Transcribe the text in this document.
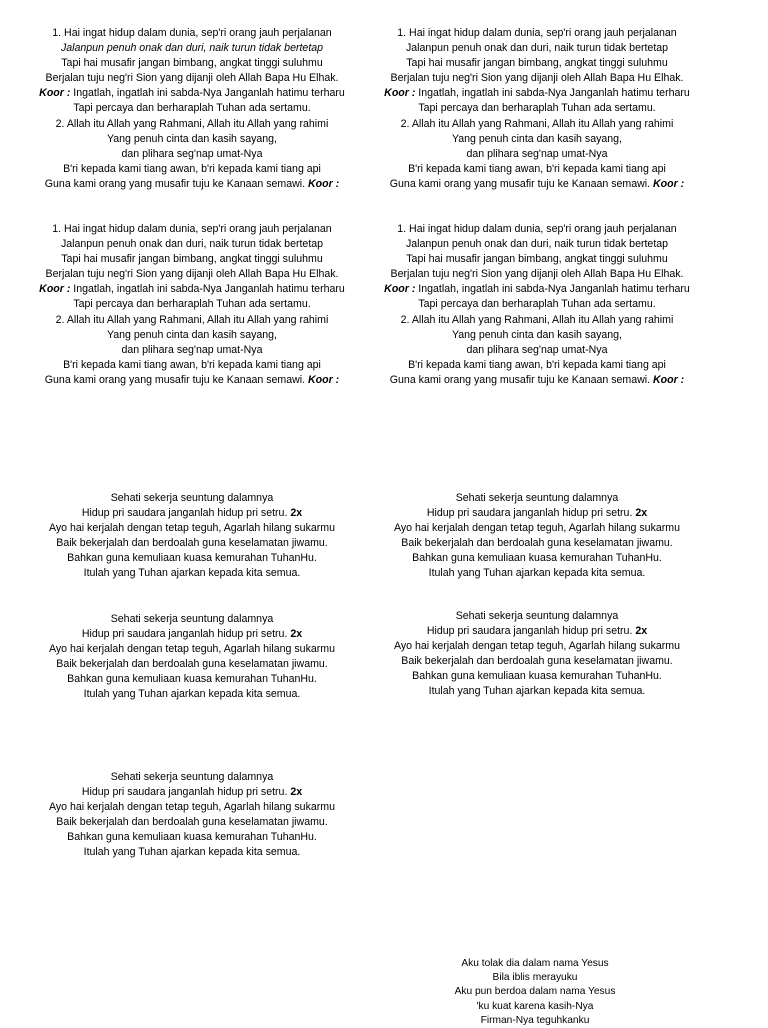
1. Hai ingat hidup dalam dunia, sep'ri orang jauh perjalanan
Jalanpun penuh onak dan duri, naik turun tidak bertetap
Tapi hai musafir jangan bimbang, angkat tinggi suluhmu
Berjalan tuju neg'ri Sion yang dijanji oleh Allah Bapa Hu Elhak.
Koor : Ingatlah, ingatlah ini sabda-Nya Janganlah hatimu terharu
Tapi percaya dan berharaplah Tuhan ada sertamu.
2. Allah itu Allah yang Rahmani, Allah itu Allah yang rahimi
Yang penuh cinta dan kasih sayang,
dan plihara seg'nap umat-Nya
B'ri kepada kami tiang awan, b'ri kepada kami tiang api
Guna kami orang yang musafir tuju ke Kanaan semawi. Koor :
1. Hai ingat hidup dalam dunia, sep'ri orang jauh perjalanan
Jalanpun penuh onak dan duri, naik turun tidak bertetap
Tapi hai musafir jangan bimbang, angkat tinggi suluhmu
Berjalan tuju neg'ri Sion yang dijanji oleh Allah Bapa Hu Elhak.
Koor : Ingatlah, ingatlah ini sabda-Nya Janganlah hatimu terharu
Tapi percaya dan berharaplah Tuhan ada sertamu.
2. Allah itu Allah yang Rahmani, Allah itu Allah yang rahimi
Yang penuh cinta dan kasih sayang,
dan plihara seg'nap umat-Nya
B'ri kepada kami tiang awan, b'ri kepada kami tiang api
Guna kami orang yang musafir tuju ke Kanaan semawi. Koor :
1. Hai ingat hidup dalam dunia, sep'ri orang jauh perjalanan
Jalanpun penuh onak dan duri, naik turun tidak bertetap
Tapi hai musafir jangan bimbang, angkat tinggi suluhmu
Berjalan tuju neg'ri Sion yang dijanji oleh Allah Bapa Hu Elhak.
Koor : Ingatlah, ingatlah ini sabda-Nya Janganlah hatimu terharu
Tapi percaya dan berharaplah Tuhan ada sertamu.
2. Allah itu Allah yang Rahmani, Allah itu Allah yang rahimi
Yang penuh cinta dan kasih sayang,
dan plihara seg'nap umat-Nya
B'ri kepada kami tiang awan, b'ri kepada kami tiang api
Guna kami orang yang musafir tuju ke Kanaan semawi. Koor :
1. Hai ingat hidup dalam dunia, sep'ri orang jauh perjalanan
Jalanpun penuh onak dan duri, naik turun tidak bertetap
Tapi hai musafir jangan bimbang, angkat tinggi suluhmu
Berjalan tuju neg'ri Sion yang dijanji oleh Allah Bapa Hu Elhak.
Koor : Ingatlah, ingatlah ini sabda-Nya Janganlah hatimu terharu
Tapi percaya dan berharaplah Tuhan ada sertamu.
2. Allah itu Allah yang Rahmani, Allah itu Allah yang rahimi
Yang penuh cinta dan kasih sayang,
dan plihara seg'nap umat-Nya
B'ri kepada kami tiang awan, b'ri kepada kami tiang api
Guna kami orang yang musafir tuju ke Kanaan semawi. Koor :
Sehati sekerja seuntung dalamnya
Hidup pri saudara janganlah hidup pri setru. 2x
Ayo hai kerjalah dengan tetap teguh, Agarlah hilang sukarmu
Baik bekerjalah dan berdoalah guna keselamatan jiwamu.
Bahkan guna kemuliaan kuasa kemurahan TuhanHu.
Itulah yang Tuhan ajarkan kepada kita semua.
Sehati sekerja seuntung dalamnya
Hidup pri saudara janganlah hidup pri setru. 2x
Ayo hai kerjalah dengan tetap teguh, Agarlah hilang sukarmu
Baik bekerjalah dan berdoalah guna keselamatan jiwamu.
Bahkan guna kemuliaan kuasa kemurahan TuhanHu.
Itulah yang Tuhan ajarkan kepada kita semua.
Sehati sekerja seuntung dalamnya
Hidup pri saudara janganlah hidup pri setru. 2x
Ayo hai kerjalah dengan tetap teguh, Agarlah hilang sukarmu
Baik bekerjalah dan berdoalah guna keselamatan jiwamu.
Bahkan guna kemuliaan kuasa kemurahan TuhanHu.
Itulah yang Tuhan ajarkan kepada kita semua.
Sehati sekerja seuntung dalamnya
Hidup pri saudara janganlah hidup pri setru. 2x
Ayo hai kerjalah dengan tetap teguh, Agarlah hilang sukarmu
Baik bekerjalah dan berdoalah guna keselamatan jiwamu.
Bahkan guna kemuliaan kuasa kemurahan TuhanHu.
Itulah yang Tuhan ajarkan kepada kita semua.
Sehati sekerja seuntung dalamnya
Hidup pri saudara janganlah hidup pri setru. 2x
Ayo hai kerjalah dengan tetap teguh, Agarlah hilang sukarmu
Baik bekerjalah dan berdoalah guna keselamatan jiwamu.
Bahkan guna kemuliaan kuasa kemurahan TuhanHu.
Itulah yang Tuhan ajarkan kepada kita semua.
Aku tolak dia dalam nama Yesus
Bila iblis merayuku
Aku pun berdoa dalam nama Yesus
'ku kuat karena kasih-Nya
Firman-Nya teguhkanku
